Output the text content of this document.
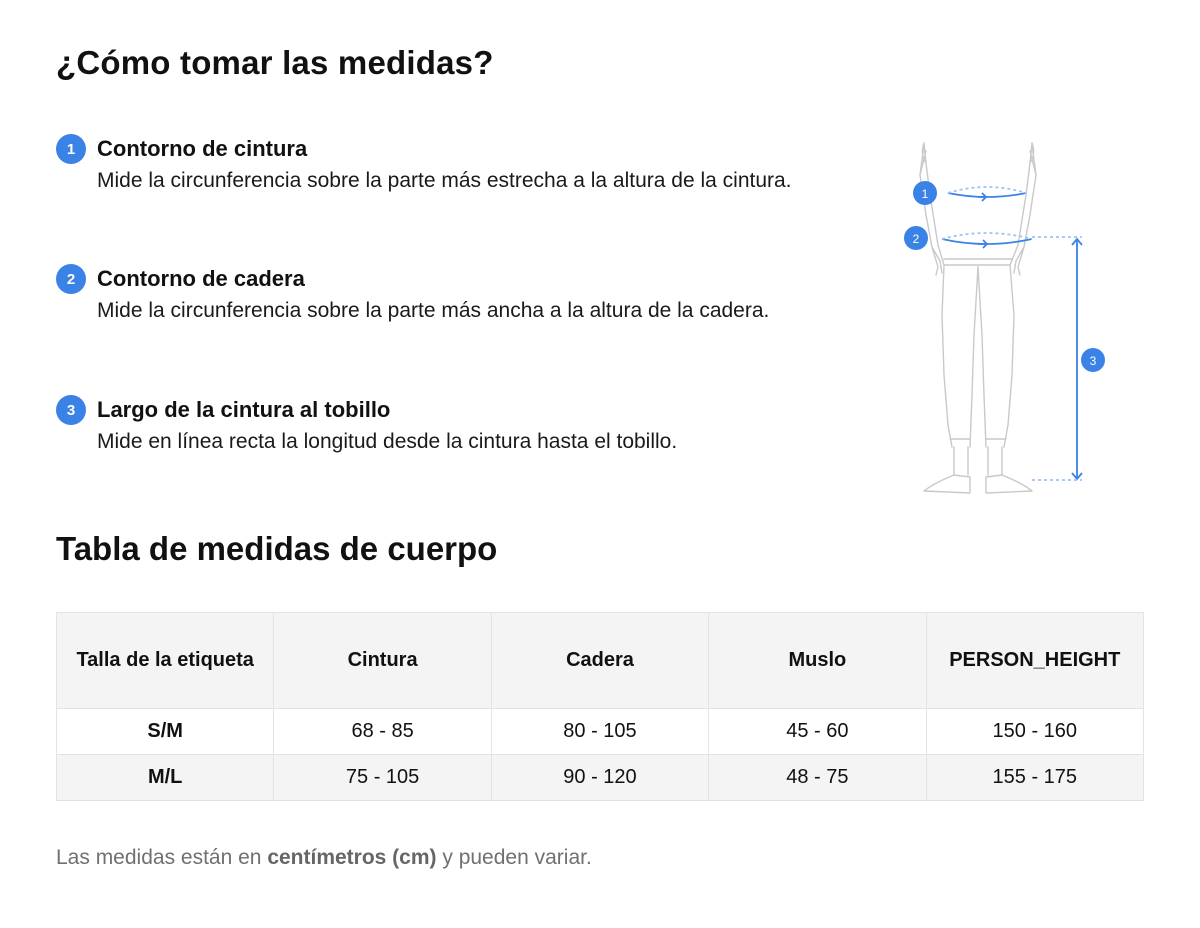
¿Cómo tomar las medidas?
1 Contorno de cintura
Mide la circunferencia sobre la parte más estrecha a la altura de la cintura.
2 Contorno de cadera
Mide la circunferencia sobre la parte más ancha a la altura de la cadera.
3 Largo de la cintura al tobillo
Mide en línea recta la longitud desde la cintura hasta el tobillo.
1
2
3
Tabla de medidas de cuerpo
Talla de la etiqueta	Cintura	Cadera	Muslo	PERSON_HEIGHT
S/M	68 - 85	80 - 105	45 - 60	150 - 160
M/L	75 - 105	90 - 120	48 - 75	155 - 175
Las medidas están en centímetros (cm) y pueden variar.
